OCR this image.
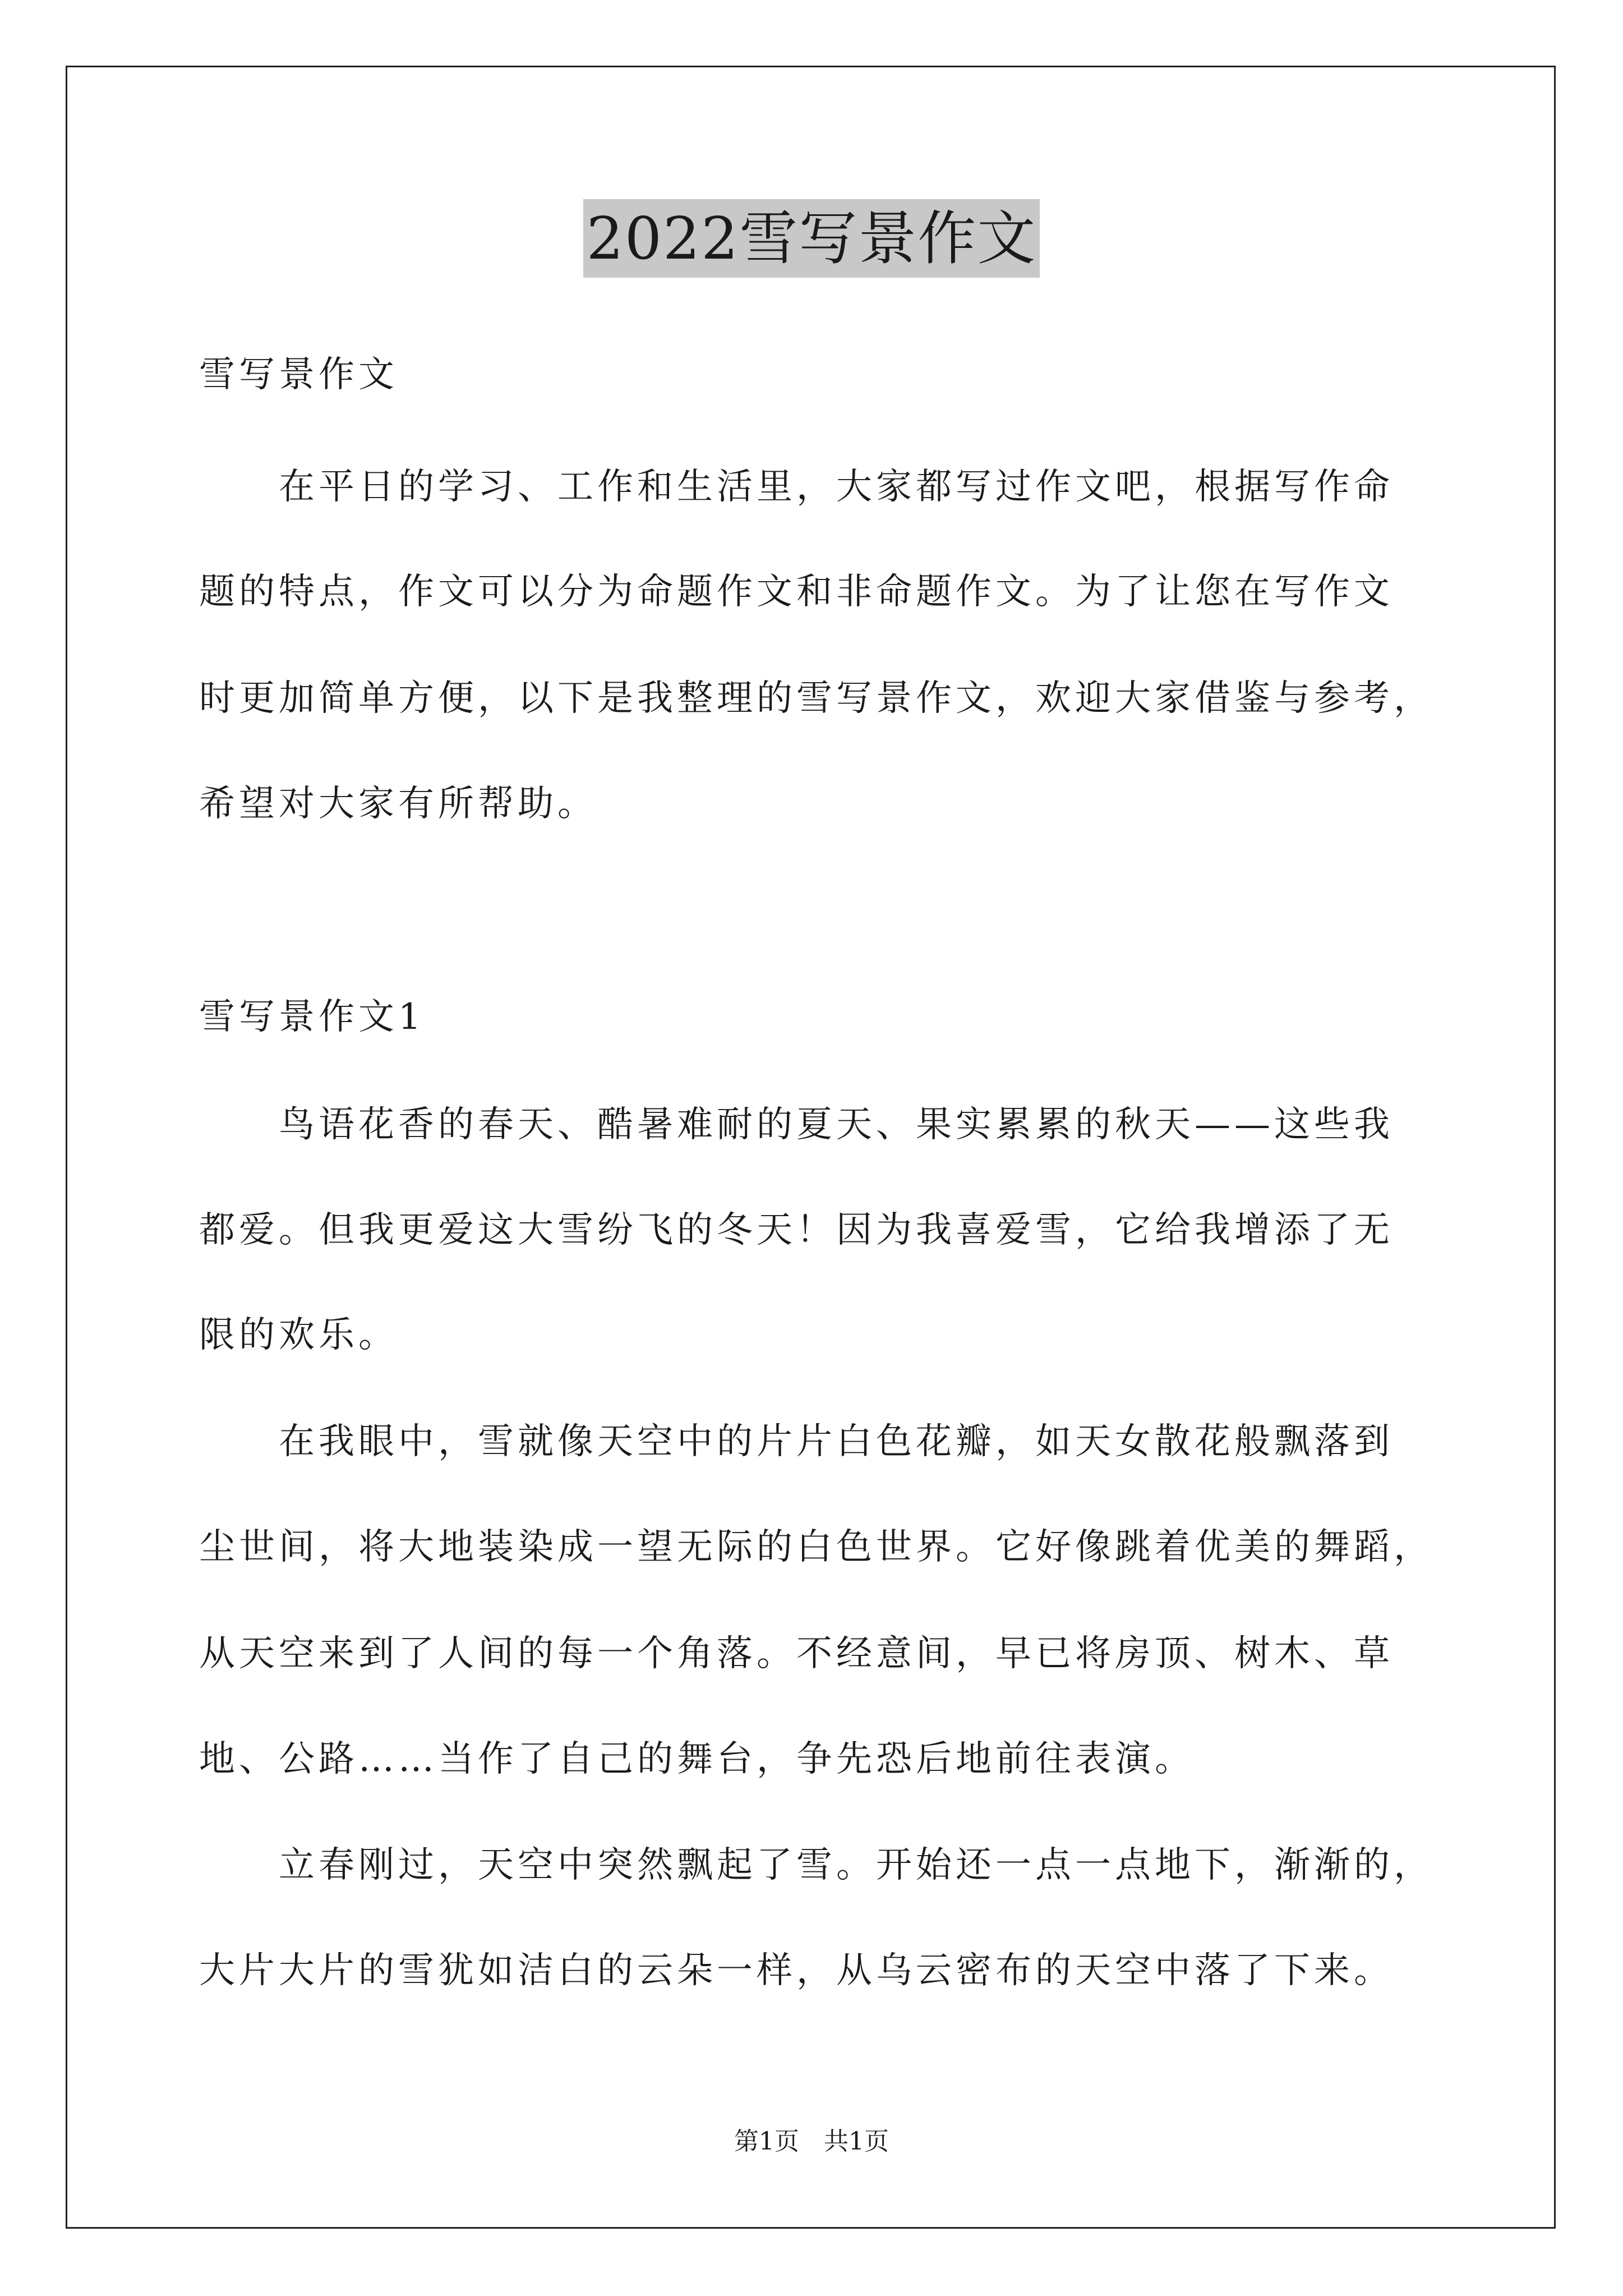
2022雪写景作文

雪写景作文

　　在平日的学习、工作和生活里，大家都写过作文吧，根据写作命

题的特点，作文可以分为命题作文和非命题作文。为了让您在写作文

时更加简单方便，以下是我整理的雪写景作文，欢迎大家借鉴与参考，

希望对大家有所帮助。

雪写景作文1

　　鸟语花香的春天、酷暑难耐的夏天、果实累累的秋天——这些我

都爱。但我更爱这大雪纷飞的冬天！因为我喜爱雪，它给我增添了无

限的欢乐。

　　在我眼中，雪就像天空中的片片白色花瓣，如天女散花般飘落到

尘世间，将大地装染成一望无际的白色世界。它好像跳着优美的舞蹈，

从天空来到了人间的每一个角落。不经意间，早已将房顶、树木、草

地、公路……当作了自己的舞台，争先恐后地前往表演。

　　立春刚过，天空中突然飘起了雪。开始还一点一点地下，渐渐的，

大片大片的雪犹如洁白的云朵一样，从乌云密布的天空中落了下来。

第1页　共1页
